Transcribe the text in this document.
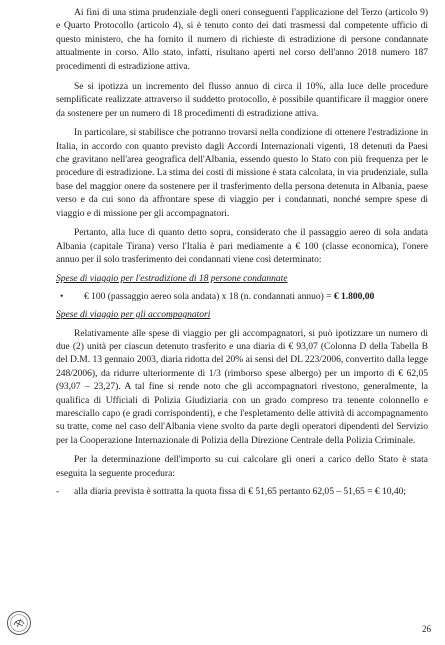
Ai fini di una stima prudenziale degli oneri conseguenti l'applicazione del Terzo (articolo 9) e Quarto Protocollo (articolo 4), si è tenuto conto dei dati trasmessi dal competente ufficio di questo ministero, che ha fornito il numero di richieste di estradizione di persone condannate attualmente in corso. Allo stato, infatti, risultano aperti nel corso dell'anno 2018 numero 187 procedimenti di estradizione attiva.

Se si ipotizza un incremento del flusso annuo di circa il 10%, alla luce delle procedure semplificate realizzate attraverso il suddetto protocollo, è possibile quantificare il maggior onere da sostenere per un numero di 18 procedimenti di estradizione attiva.

In particolare, si stabilisce che potranno trovarsi nella condizione di ottenere l'estradizione in Italia, in accordo con quanto previsto dagli Accordi Internazionali vigenti, 18 detenuti da Paesi che gravitano nell'area geografica dell'Albania, essendo questo lo Stato con più frequenza per le procedure di estradizione. La stima dei costi di missione è stata calcolata, in via prudenziale, sulla base del maggior onere da sostenere per il trasferimento della persona detenuta in Albania, paese verso e da cui sono da affrontare spese di viaggio per i condannati, nonché sempre spese di viaggio e di missione per gli accompagnatori.

Pertanto, alla luce di quanto detto sopra, considerato che il passaggio aereo di sola andata Albania (capitale Tirana) verso l'Italia è pari mediamente a € 100 (classe economica), l'onere annuo per il solo trasferimento dei condannati viene così determinato:

Spese di viaggio per l'estradizione di 18 persone condannate
• € 100 (passaggio aereo sola andata) x 18 (n. condannati annuo) = € 1.800,00
Spese di viaggio per gli accompagnatori

Relativamente alle spese di viaggio per gli accompagnatori, si può ipotizzare un numero di due (2) unità per ciascun detenuto trasferito e una diaria di € 93,07 (Colonna D della Tabella B del D.M. 13 gennaio 2003, diaria ridotta del 20% ai sensi del DL 223/2006, convertito dalla legge 248/2006), da ridurre ulteriormente di 1/3 (rimborso spese albergo) per un importo di € 62,05 (93,07 – 23,27). A tal fine si rende noto che gli accompagnatori rivestono, generalmente, la qualifica di Ufficiali di Polizia Giudiziaria con un grado compreso tra tenente colonnello e maresciallo capo (e gradi corrispondenti), e che l'espletamento delle attività di accompagnamento su tratte, come nel caso dell'Albania viene svolto da parte degli operatori dipendenti del Servizio per la Cooperazione Internazionale di Polizia della Direzione Centrale della Polizia Criminale.

Per la determinazione dell'importo su cui calcolare gli oneri a carico dello Stato è stata eseguita la seguente procedura:

- alla diaria prevista è sottratta la quota fissa di € 51,65 pertanto 62,05 – 51,65 = € 10,40;
26
